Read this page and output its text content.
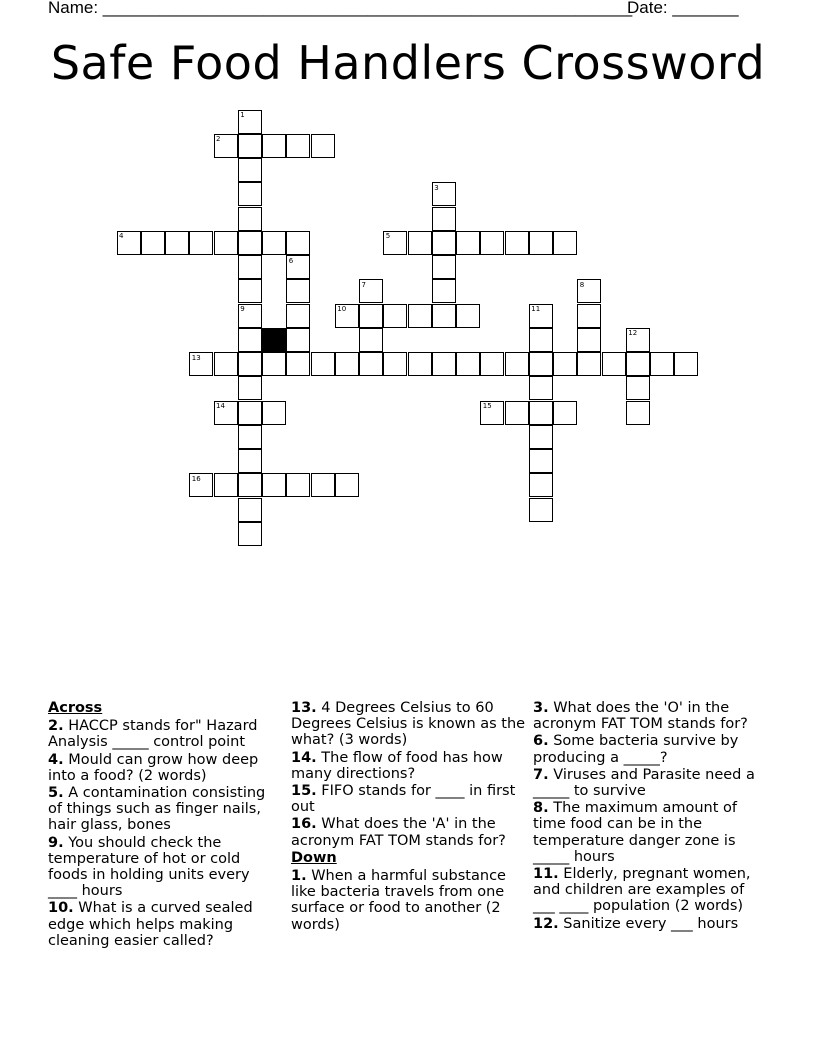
Name: ________________________________________________________
Date: _______
Safe Food Handlers Crossword
1
2
3
4	5
6
7	8
9	10	11
12
13
14	15
16
Across
2. HACCP stands for" Hazard Analysis _____ control point
4. Mould can grow how deep into a food? (2 words)
5. A contamination consisting of things such as finger nails, hair glass, bones
9. You should check the temperature of hot or cold foods in holding units every ____ hours
10. What is a curved sealed edge which helps making cleaning easier called?
13. 4 Degrees Celsius to 60 Degrees Celsius is known as the what? (3 words)
14. The flow of food has how many directions?
15. FIFO stands for ____ in first out
16. What does the 'A' in the acronym FAT TOM stands for?
Down
1. When a harmful substance like bacteria travels from one surface or food to another (2 words)
3. What does the 'O' in the acronym FAT TOM stands for?
6. Some bacteria survive by producing a _____?
7. Viruses and Parasite need a _____ to survive
8. The maximum amount of time food can be in the temperature danger zone is _____ hours
11. Elderly, pregnant women, and children are examples of ___ ____ population (2 words)
12. Sanitize every ___ hours
